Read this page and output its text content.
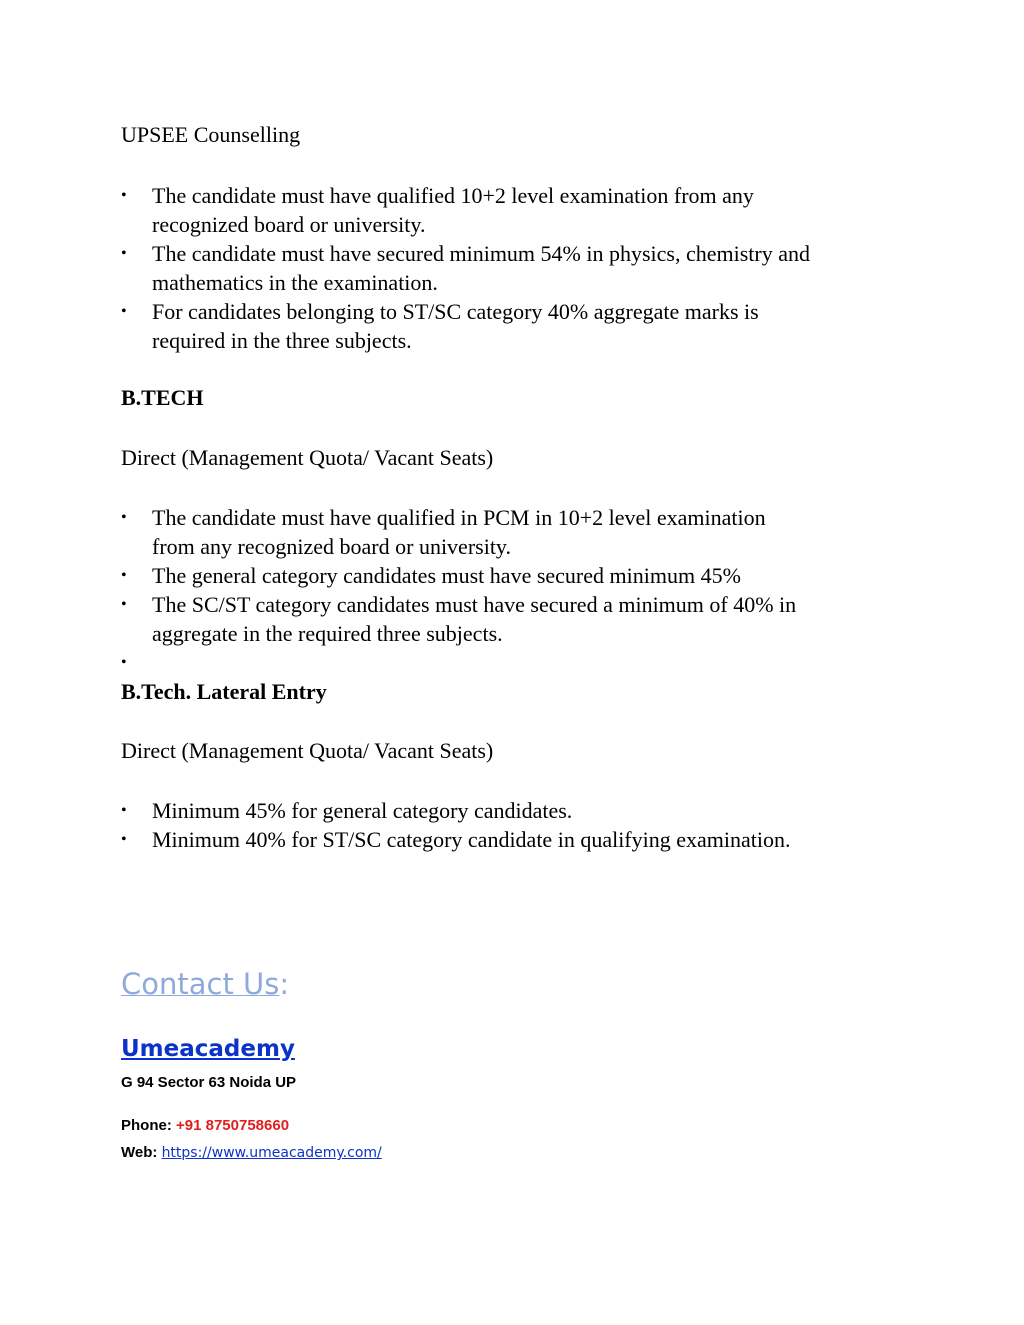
UPSEE Counselling

• The candidate must have qualified 10+2 level examination from any
recognized board or university.
• The candidate must have secured minimum 54% in physics, chemistry and
mathematics in the examination.
• For candidates belonging to ST/SC category 40% aggregate marks is
required in the three subjects.

B.TECH

Direct (Management Quota/ Vacant Seats)

• The candidate must have qualified in PCM in 10+2 level examination
from any recognized board or university.
• The general category candidates must have secured minimum 45%
• The SC/ST category candidates must have secured a minimum of 40% in
aggregate in the required three subjects.
•

B.Tech. Lateral Entry

Direct (Management Quota/ Vacant Seats)

• Minimum 45% for general category candidates.
• Minimum 40% for ST/SC category candidate in qualifying examination.
Contact Us:
Umeacademy

G 94 Sector 63 Noida UP

Phone: +91 8750758660

Web: https://www.umeacademy.com/
